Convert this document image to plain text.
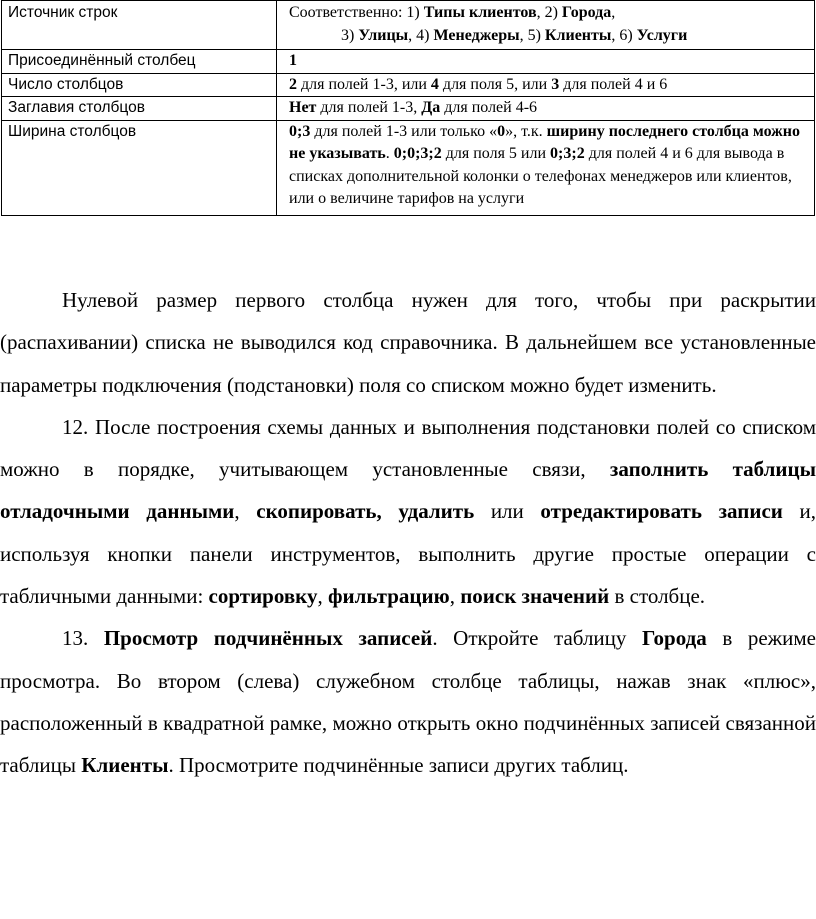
Источник строк	Соответственно: 1) Типы клиентов, 2) Города,
3) Улицы, 4) Менеджеры, 5) Клиенты, 6) Услуги

Присоединённый столбец	1
Число столбцов	2 для полей 1-3, или 4 для поля 5, или 3 для полей 4 и 6
Заглавия столбцов	Нет для полей 1-3, Да для полей 4-6
Ширина столбцов	0;3 для полей 1-3 или только «0», т.к. ширину последнего столбца можно не указывать. 0;0;3;2 для поля 5 или 0;3;2 для полей 4 и 6 для вывода в списках дополнительной колонки о телефонах менеджеров или клиентов, или о величине тарифов на услуги

Нулевой размер первого столбца нужен для того, чтобы при раскрытии (распахивании) списка не выводился код справочника. В дальнейшем все установленные параметры подключения (подстановки) поля со списком можно будет изменить.

12. После построения схемы данных и выполнения подстановки полей со списком можно в порядке, учитывающем установленные связи, заполнить таблицы отладочными данными, скопировать, удалить или отредактировать записи и, используя кнопки панели инструментов, выполнить другие простые операции с табличными данными: сортировку, фильтрацию, поиск значений в столбце.

13. Просмотр подчинённых записей. Откройте таблицу Города в режиме просмотра. Во втором (слева) служебном столбце таблицы, нажав знак «плюс», расположенный в квадратной рамке, можно открыть окно подчинённых записей связанной таблицы Клиенты. Просмотрите подчинённые записи других таблиц.
